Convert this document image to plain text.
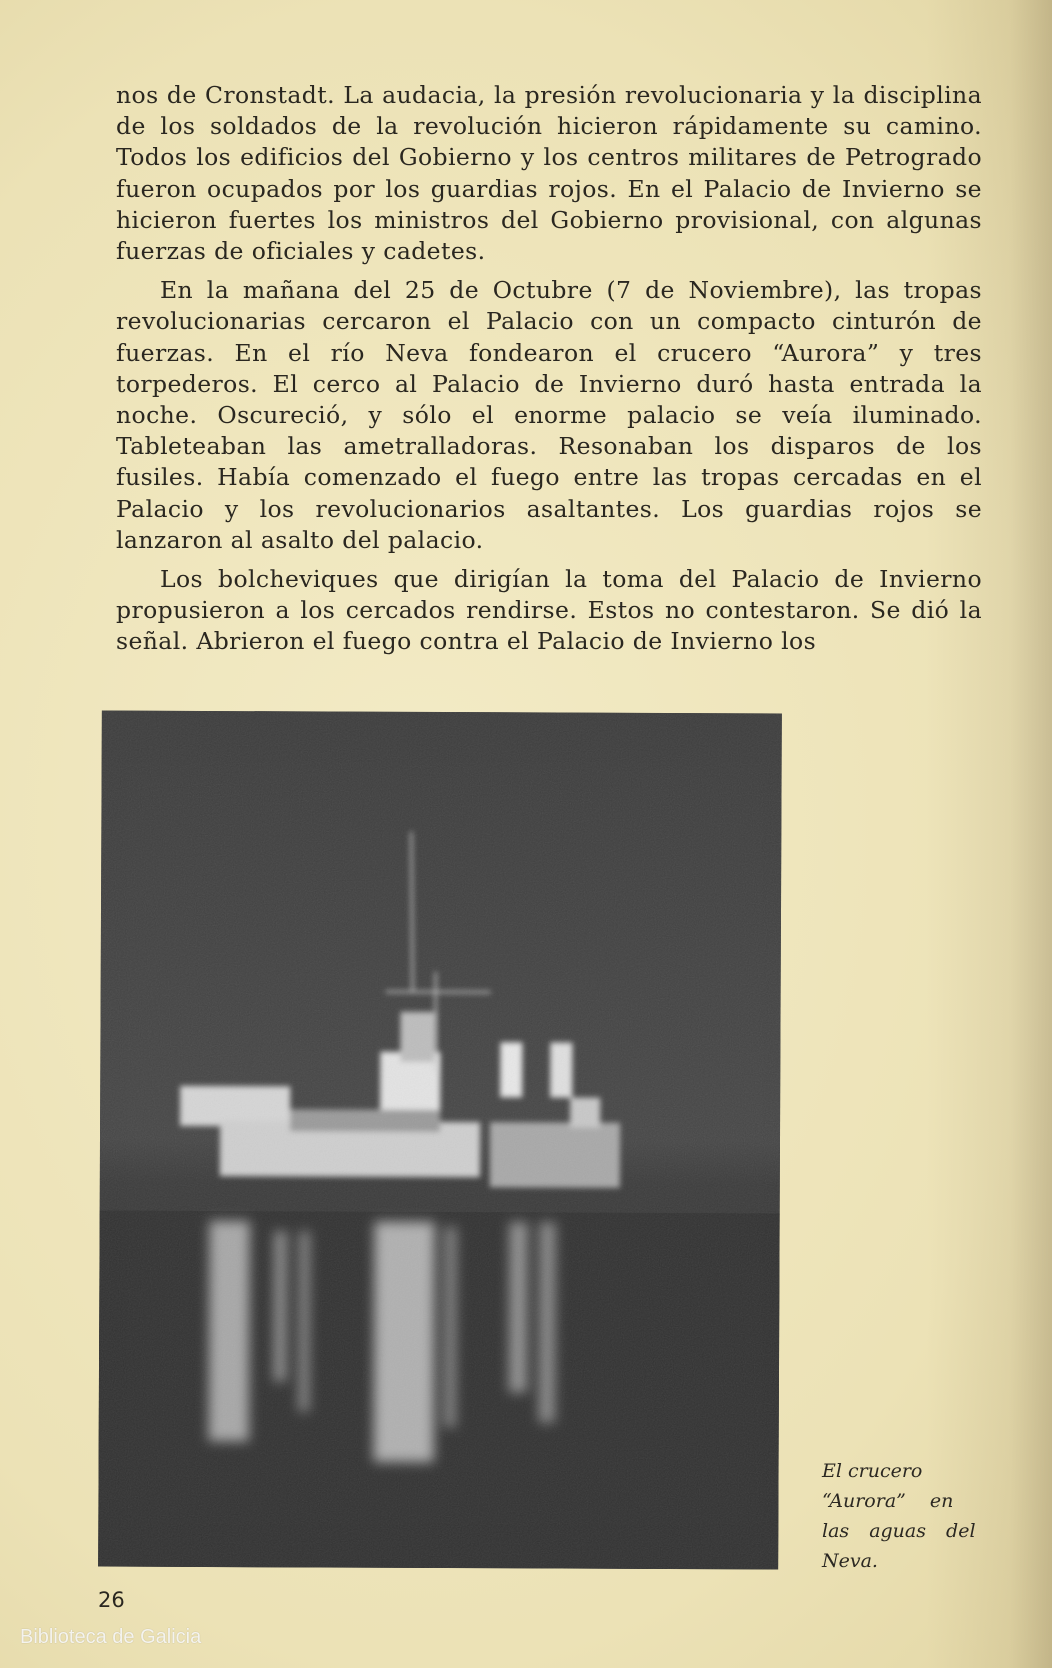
nos de Cronstadt. La audacia, la presión revolucionaria y la disciplina de los soldados de la revolución hicieron rápidamente su camino. Todos los edificios del Gobierno y los centros militares de Petrogrado fueron ocupados por los guardias rojos. En el Palacio de Invierno se hicieron fuertes los ministros del Gobierno provisional, con algunas fuerzas de oficiales y cadetes.

En la mañana del 25 de Octubre (7 de Noviembre), las tropas revolucionarias cercaron el Palacio con un compacto cinturón de fuerzas. En el río Neva fondearon el crucero “Aurora” y tres torpederos. El cerco al Palacio de Invierno duró hasta entrada la noche. Oscureció, y sólo el enorme palacio se veía iluminado. Tableteaban las ametralladoras. Resonaban los disparos de los fusiles. Había comenzado el fuego entre las tropas cercadas en el Palacio y los revolucionarios asaltantes. Los guardias rojos se lanzaron al asalto del palacio.

Los bolcheviques que dirigían la toma del Palacio de Invierno propusieron a los cercados rendirse. Estos no contestaron. Se dió la señal. Abrieron el fuego contra el Palacio de Invierno los

El crucero
“Aurora” en
las aguas del
Neva.
26
Biblioteca de Galicia
